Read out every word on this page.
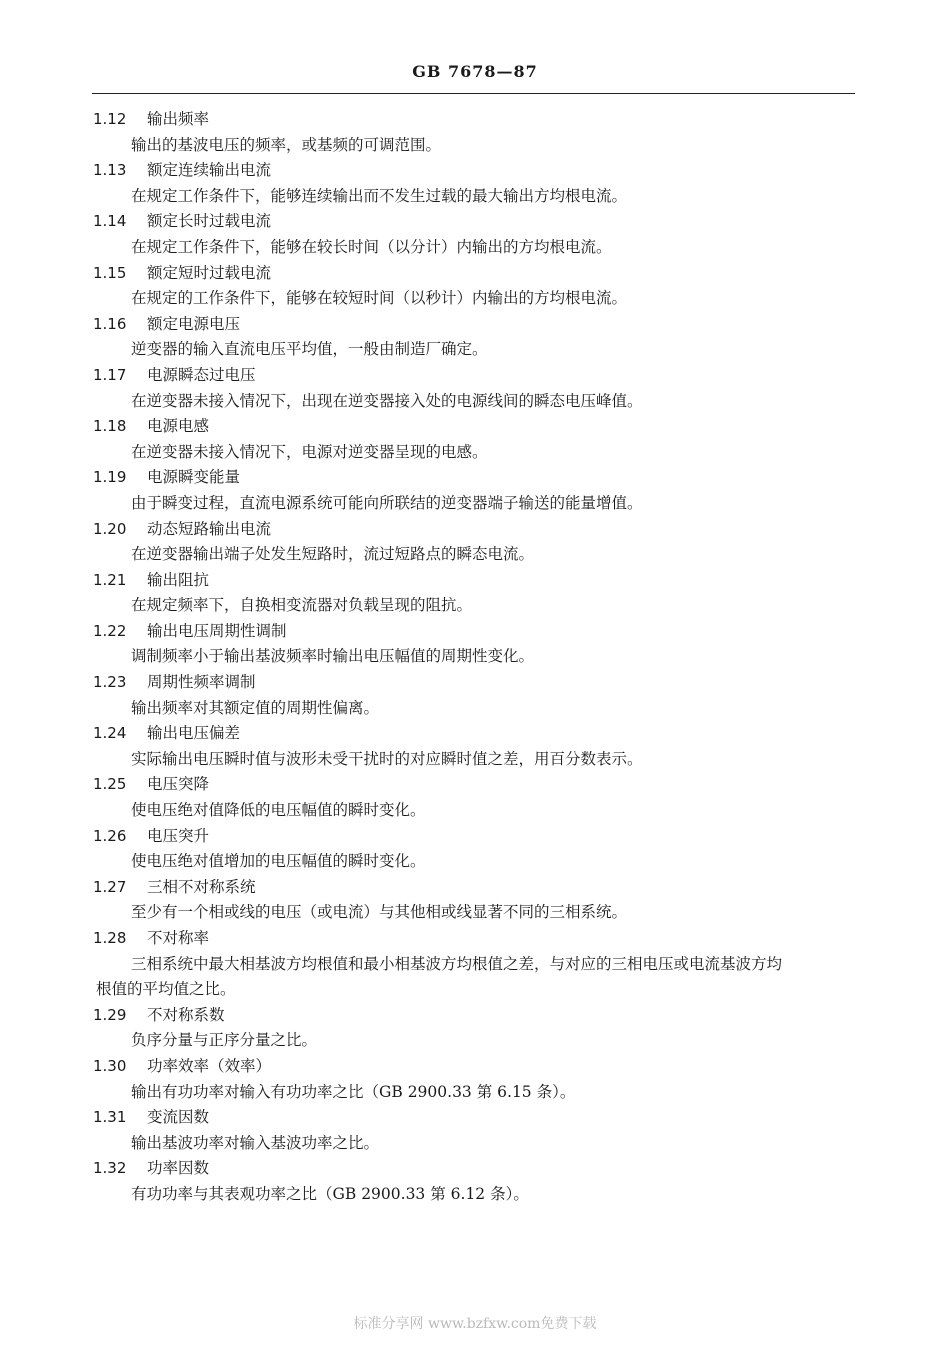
GB 7678—87
1.12 输出频率
输出的基波电压的频率，或基频的可调范围。
1.13 额定连续输出电流
在规定工作条件下，能够连续输出而不发生过载的最大输出方均根电流。
1.14 额定长时过载电流
在规定工作条件下，能够在较长时间（以分计）内输出的方均根电流。
1.15 额定短时过载电流
在规定的工作条件下，能够在较短时间（以秒计）内输出的方均根电流。
1.16 额定电源电压
逆变器的输入直流电压平均值，一般由制造厂确定。
1.17 电源瞬态过电压
在逆变器未接入情况下，出现在逆变器接入处的电源线间的瞬态电压峰值。
1.18 电源电感
在逆变器未接入情况下，电源对逆变器呈现的电感。
1.19 电源瞬变能量
由于瞬变过程，直流电源系统可能向所联结的逆变器端子输送的能量增值。
1.20 动态短路输出电流
在逆变器输出端子处发生短路时，流过短路点的瞬态电流。
1.21 输出阻抗
在规定频率下，自换相变流器对负载呈现的阻抗。
1.22 输出电压周期性调制
调制频率小于输出基波频率时输出电压幅值的周期性变化。
1.23 周期性频率调制
输出频率对其额定值的周期性偏离。
1.24 输出电压偏差
实际输出电压瞬时值与波形未受干扰时的对应瞬时值之差，用百分数表示。
1.25 电压突降
使电压绝对值降低的电压幅值的瞬时变化。
1.26 电压突升
使电压绝对值增加的电压幅值的瞬时变化。
1.27 三相不对称系统
至少有一个相或线的电压（或电流）与其他相或线显著不同的三相系统。
1.28 不对称率
三相系统中最大相基波方均根值和最小相基波方均根值之差，与对应的三相电压或电流基波方均
根值的平均值之比。
1.29 不对称系数
负序分量与正序分量之比。
1.30 功率效率（效率）
输出有功功率对输入有功功率之比（GB 2900.33 第 6.15 条）。
1.31 变流因数
输出基波功率对输入基波功率之比。
1.32 功率因数
有功功率与其表观功率之比（GB 2900.33 第 6.12 条）。
标准分享网 www.bzfxw.com免费下载
